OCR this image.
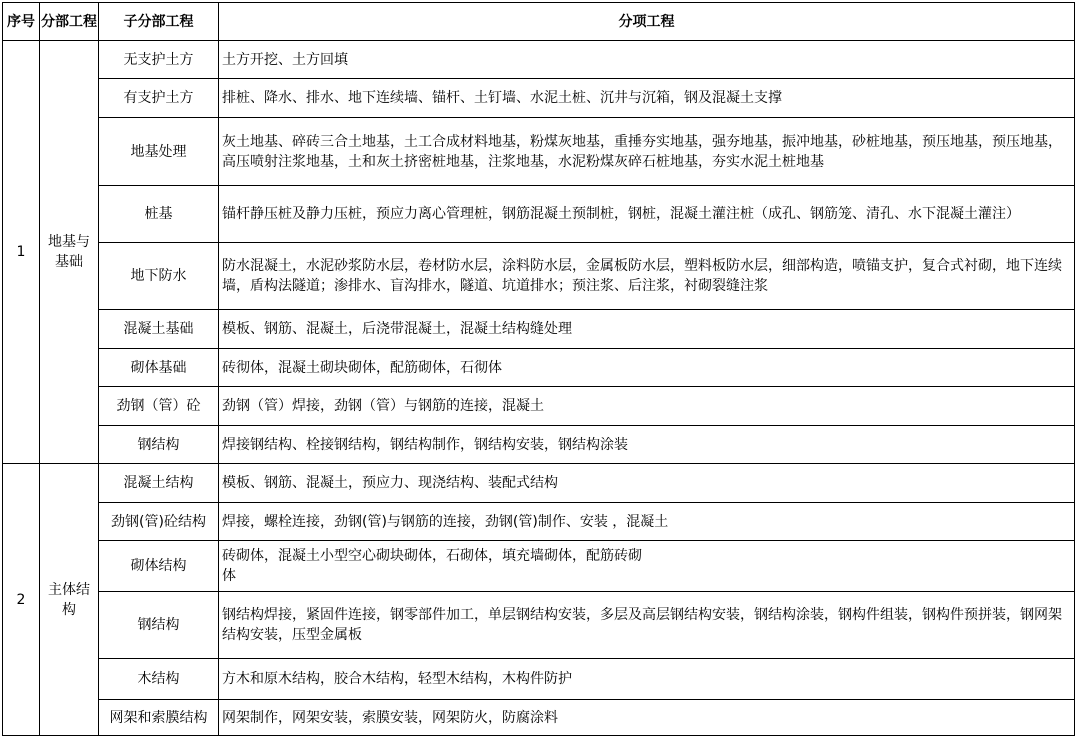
序号	分部工程	子分部工程	分项工程
1	地基与基础	无支护土方	土方开挖、土方回填
		有支护土方	排桩、降水、排水、地下连续墙、锚杆、土钉墙、水泥土桩、沉井与沉箱，钢及混凝土支撑
		地基处理	灰土地基、碎砖三合土地基，土工合成材料地基，粉煤灰地基，重捶夯实地基，强夯地基，振冲地基，砂桩地基，预压地基，预压地基，高压喷射注浆地基，土和灰土挤密桩地基，注浆地基，水泥粉煤灰碎石桩地基，夯实水泥土桩地基
		桩基	锚杆静压桩及静力压桩，预应力离心管理桩，钢筋混凝土预制桩，钢桩，混凝土灌注桩（成孔、钢筋笼、清孔、水下混凝土灌注）
		地下防水	防水混凝土，水泥砂浆防水层，卷材防水层，涂料防水层，金属板防水层，塑料板防水层，细部构造，喷锚支护，复合式衬砌，地下连续墙，盾构法隧道；渗排水、盲沟排水，隧道、坑道排水；预注浆、后注浆，衬砌裂缝注浆
		混凝土基础	模板、钢筋、混凝土，后浇带混凝土，混凝土结构缝处理
		砌体基础	砖彻体，混凝土砌块砌体，配筋砌体，石彻体
		劲钢（管）砼	劲钢（管）焊接，劲钢（管）与钢筋的连接，混凝土
		钢结构	焊接钢结构、栓接钢结构，钢结构制作，钢结构安装，钢结构涂装
2	主体结构	混凝土结构	模板、钢筋、混凝土，预应力、现浇结构、装配式结构
		劲钢(管)砼结构	焊接，螺栓连接，劲钢(管)与钢筋的连接，劲钢(管)制作、安装 ，混凝土
		砌体结构	砖砌体，混凝土小型空心砌块砌体，石砌体，填充墙砌体，配筋砖砌体
		钢结构	钢结构焊接，紧固件连接，钢零部件加工，单层钢结构安装，多层及高层钢结构安装，钢结构涂装，钢构件组装，钢构件预拼装，钢网架结构安装，压型金属板
		木结构	方木和原木结构，胶合木结构，轻型木结构，木构件防护
		网架和索膜结构	网架制作，网架安装，索膜安装，网架防火，防腐涂料
